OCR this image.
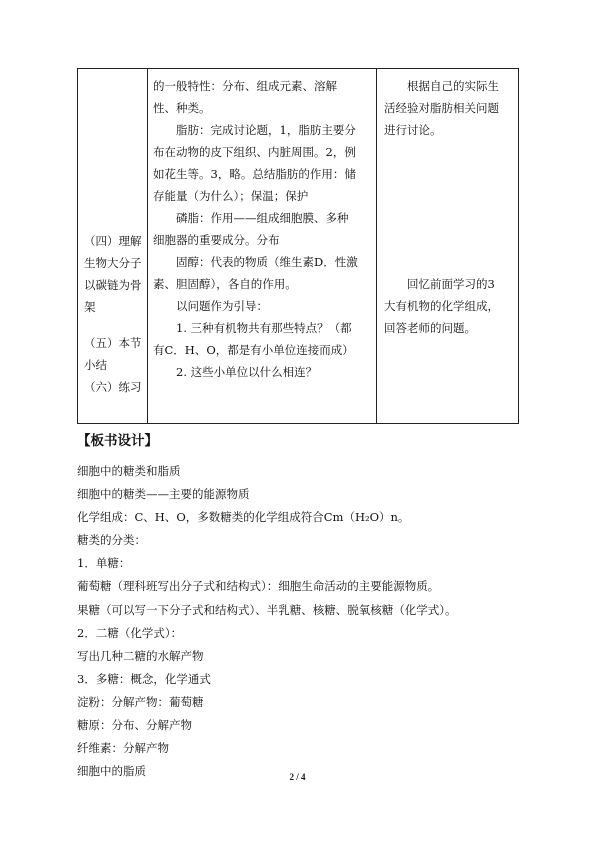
（四）理解

生物大分子

以碳链为骨

架

（五）本节

小结

（六）练习

的一般特性：分布、组成元素、溶解

性、种类。

脂肪：完成讨论题，1，脂肪主要分

布在动物的皮下组织、内脏周围。2，例

如花生等。3，略。总结脂肪的作用：储

存能量（为什么）；保温；保护

磷脂：作用——组成细胞膜、多种

细胞器的重要成分。分布

固醇：代表的物质（维生素D．性激

素、胆固醇），各自的作用。

以问题作为引导：

1. 三种有机物共有那些特点？（都

有C．H、O，都是有小单位连接而成）

2. 这些小单位以什么相连？

根据自己的实际生

活经验对脂肪相关问题

进行讨论。

回忆前面学习的3

大有机物的化学组成，

回答老师的问题。

【板书设计】

细胞中的糖类和脂质

细胞中的糖类——主要的能源物质

化学组成：C、H、O，多数糖类的化学组成符合Cm（H₂O）n。

糖类的分类：

1．单糖：

葡萄糖（理科班写出分子式和结构式）：细胞生命活动的主要能源物质。

果糖（可以写一下分子式和结构式）、半乳糖、核糖、脱氧核糖（化学式）。

2．二糖（化学式）：

写出几种二糖的水解产物

3．多糖：概念，化学通式

淀粉：分解产物：葡萄糖

糖原：分布、分解产物

纤维素：分解产物

细胞中的脂质	2 / 4
